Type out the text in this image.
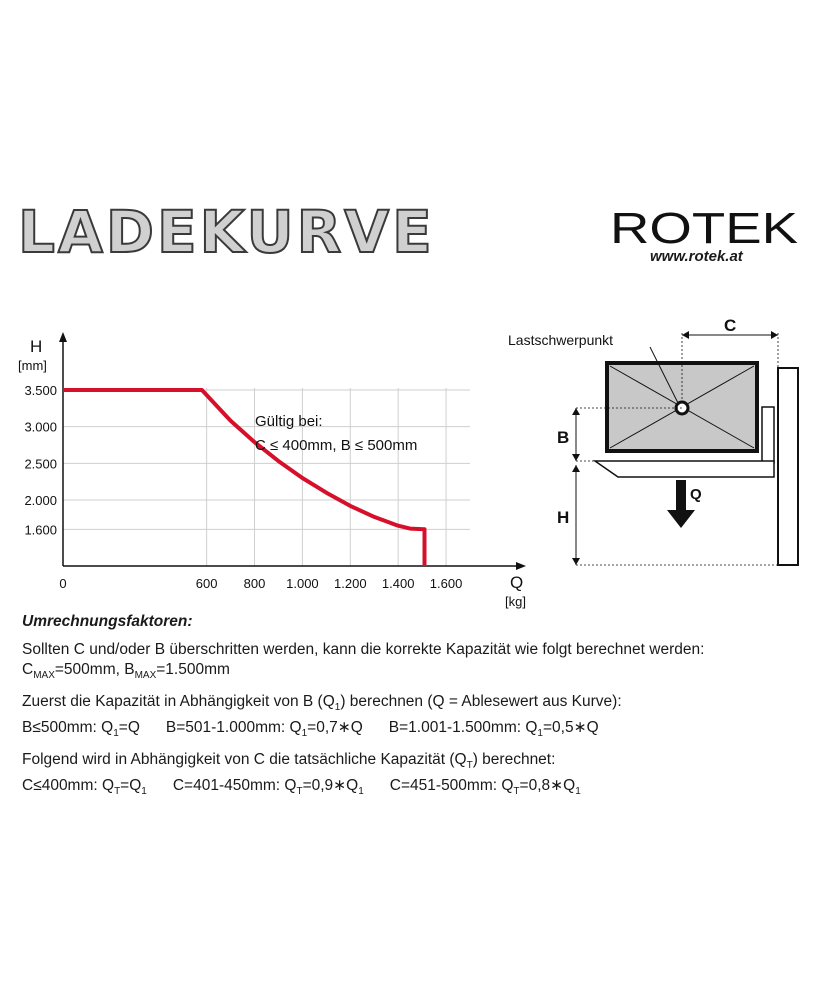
LADEKURVE	ROTEK
www.rotek.at
3.500
3.000
2.500
2.000
1.600
0	600 800 1.000 1.200 1.400 1.600
H
[mm]
Q
[kg]
Gültig bei:
C ≤ 400mm, B ≤ 500mm
Lastschwerpunkt
C
B
H
Q
Umrechnungsfaktoren:

Sollten C und/oder B überschritten werden, kann die korrekte Kapazität wie folgt berechnet werden:

$C_{MAX}=500mm$, $B_{MAX}=1.500mm$

Zuerst die Kapazität in Abhängigkeit von B $(Q_1)$ berechnen (Q = Ablesewert aus Kurve):

B≤500mm: $Q_1=Q$ B=501-1.000mm: $Q_1=0,7∗Q$ B=1.001-1.500mm: $Q_1=0,5∗Q$

Folgend wird in Abhängigkeit von C die tatsächliche Kapazität $(Q_T)$ berechnet:

C≤400mm: $Q_T=Q_1$ C=401-450mm: $Q_T=0,9∗Q_1$ C=451-500mm: $Q_T=0,8∗Q_1$
